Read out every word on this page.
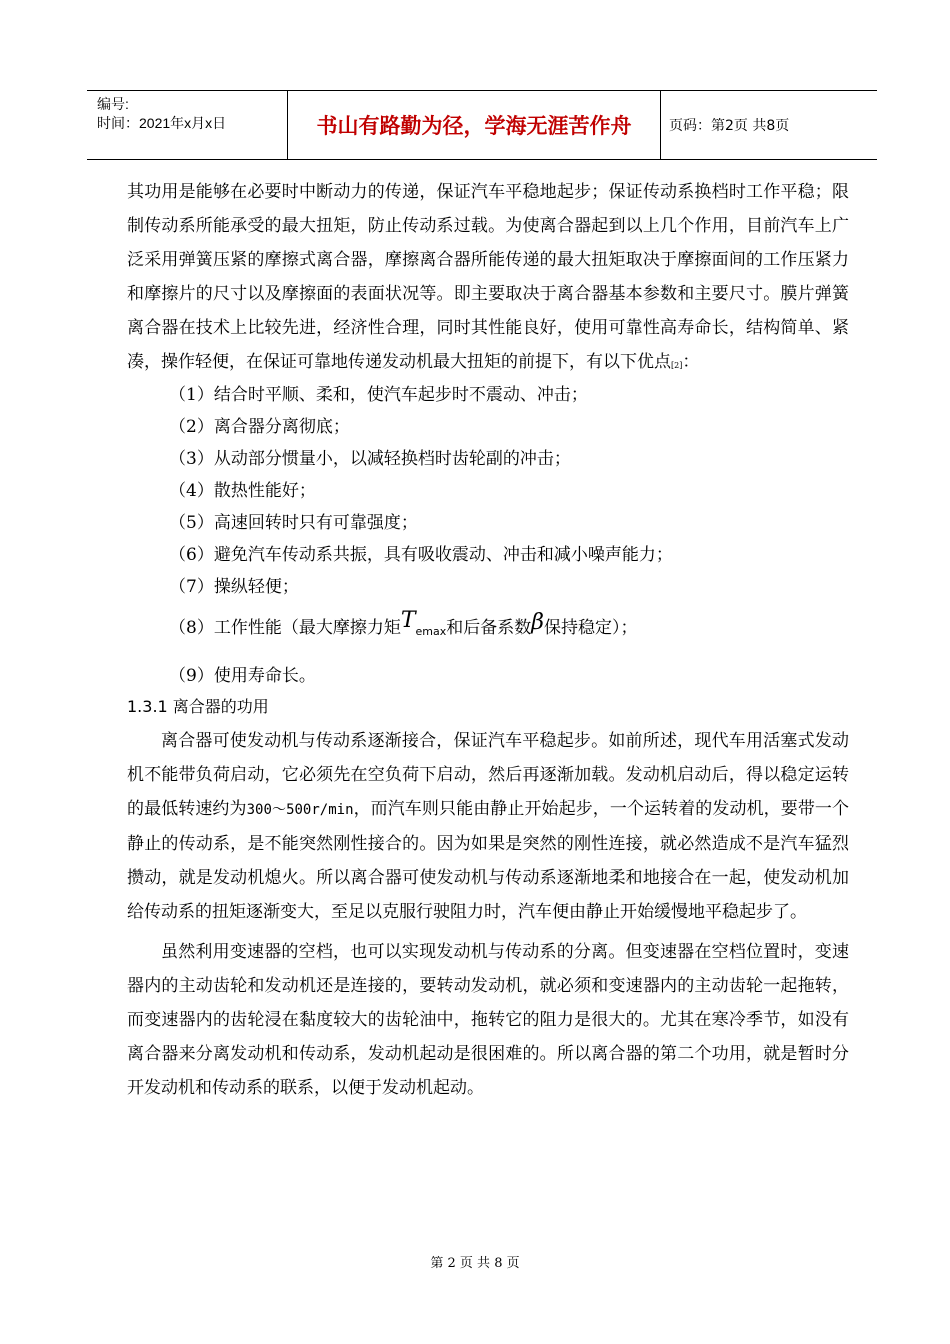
编号:
时间：2021年x月x日	书山有路勤为径，学海无涯苦作舟	页码：第2页 共8页

其功用是能够在必要时中断动力的传递，保证汽车平稳地起步；保证传动系换档时工作平稳；限制传动系所能承受的最大扭矩，防止传动系过载。为使离合器起到以上几个作用，目前汽车上广泛采用弹簧压紧的摩擦式离合器，摩擦离合器所能传递的最大扭矩取决于摩擦面间的工作压紧力和摩擦片的尺寸以及摩擦面的表面状况等。即主要取决于离合器基本参数和主要尺寸。膜片弹簧离合器在技术上比较先进，经济性合理，同时其性能良好，使用可靠性高寿命长，结构简单、紧凑，操作轻便，在保证可靠地传递发动机最大扭矩的前提下，有以下优点[2]：

（1）结合时平顺、柔和，使汽车起步时不震动、冲击；

（2）离合器分离彻底；

（3）从动部分惯量小，以减轻换档时齿轮副的冲击；

（4）散热性能好；

（5）高速回转时只有可靠强度；

（6）避免汽车传动系共振，具有吸收震动、冲击和减小噪声能力；

（7）操纵轻便；

（8）工作性能（最大摩擦力矩Temax和后备系数β保持稳定）；

（9）使用寿命长。

1.3.1 离合器的功用

离合器可使发动机与传动系逐渐接合，保证汽车平稳起步。如前所述，现代车用活塞式发动机不能带负荷启动，它必须先在空负荷下启动，然后再逐渐加载。发动机启动后，得以稳定运转的最低转速约为300～500r/min，而汽车则只能由静止开始起步，一个运转着的发动机，要带一个静止的传动系，是不能突然刚性接合的。因为如果是突然的刚性连接，就必然造成不是汽车猛烈攒动，就是发动机熄火。所以离合器可使发动机与传动系逐渐地柔和地接合在一起，使发动机加给传动系的扭矩逐渐变大，至足以克服行驶阻力时，汽车便由静止开始缓慢地平稳起步了。

虽然利用变速器的空档，也可以实现发动机与传动系的分离。但变速器在空档位置时，变速器内的主动齿轮和发动机还是连接的，要转动发动机，就必须和变速器内的主动齿轮一起拖转，而变速器内的齿轮浸在黏度较大的齿轮油中，拖转它的阻力是很大的。尤其在寒冷季节，如没有离合器来分离发动机和传动系，发动机起动是很困难的。所以离合器的第二个功用，就是暂时分开发动机和传动系的联系，以便于发动机起动。

第 2 页 共 8 页
